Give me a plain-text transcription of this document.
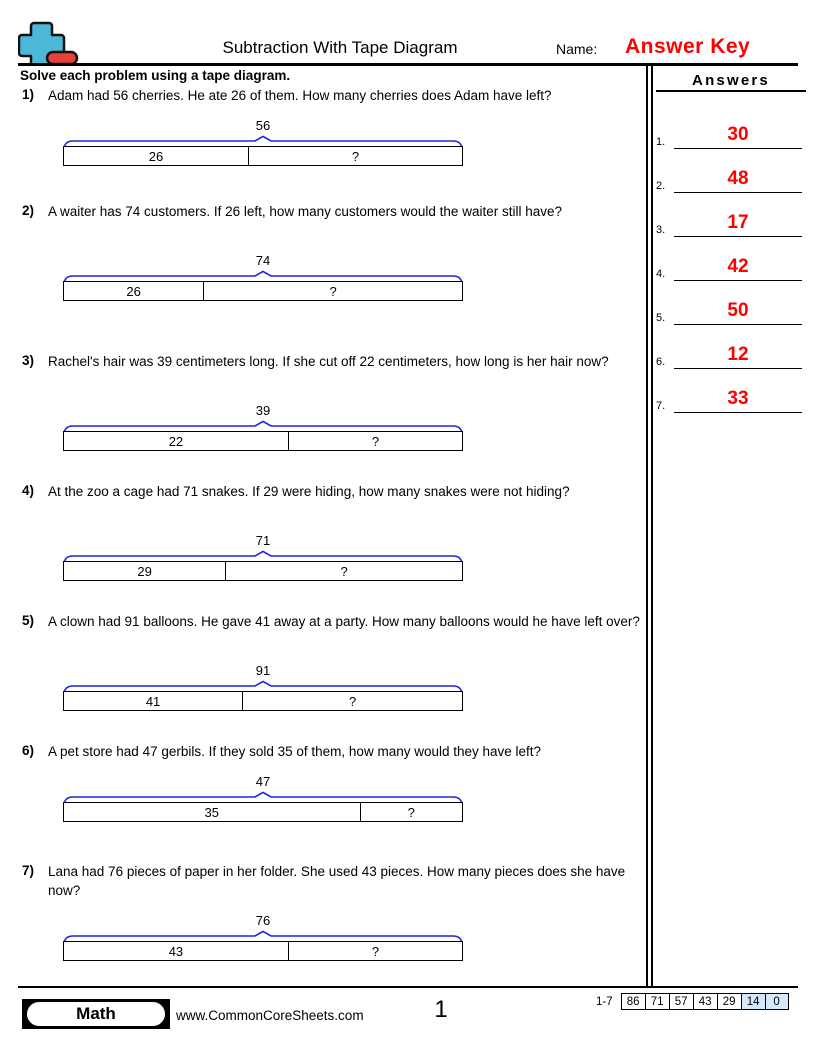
Subtraction With Tape Diagram	Name: Answer Key
Solve each problem using a tape diagram.	Answers
1.	30
2.	48
3.	17
4.	42
5.	50
6.	12
7.	33
1) Adam had 56 cherries. He ate 26 of them. How many cherries does Adam have left?
56
26	?
2) A waiter has 74 customers. If 26 left, how many customers would the waiter still have?
74
26	?
3) Rachel's hair was 39 centimeters long. If she cut off 22 centimeters, how long is her hair now?
39
22	?
4) At the zoo a cage had 71 snakes. If 29 were hiding, how many snakes were not hiding?
71
29	?
5) A clown had 91 balloons. He gave 41 away at a party. How many balloons would he have left over?
91
41	?
6) A pet store had 47 gerbils. If they sold 35 of them, how many would they have left?
47
35	?
7) Lana had 76 pieces of paper in her folder. She used 43 pieces. How many pieces does she have now?
76
43	?
Math	www.CommonCoreSheets.com	1	1-7	86 71 57 43 29 14	0
